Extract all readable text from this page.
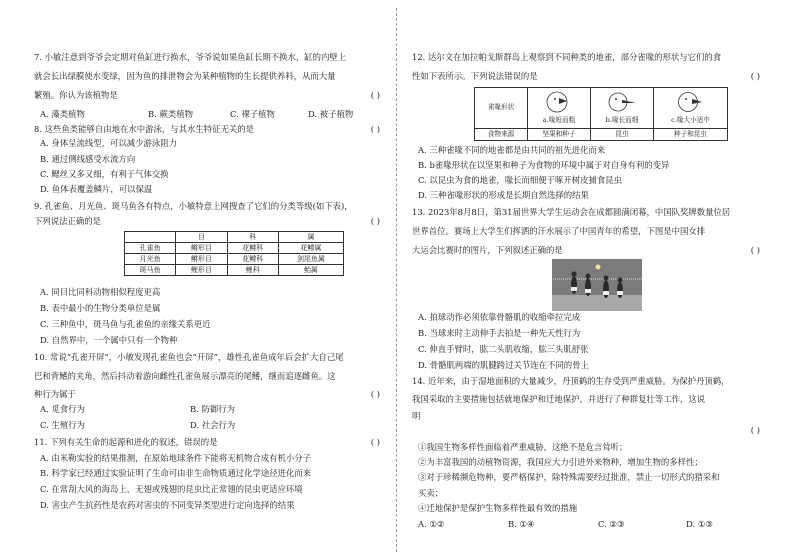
7. 小敏注意到爷爷会定期对鱼缸进行换水，爷爷说如果鱼缸长期不换水，缸的内壁上
就会长出绿膜使水变绿，因为鱼的排泄物会为某种植物的生长提供养料，从而大量
繁殖。你认为该植物是	( )
A. 藻类植物	B. 蕨类植物	C. 裸子植物	D. 被子植物
8. 这些鱼类能够自由地在水中游泳，与其水生特征无关的是	( )
A. 身体呈流线型，可以减少游泳阻力
B. 通过侧线感受水流方向
C. 鳃丝又多又细，有利于气体交换
D. 鱼体表覆盖鳞片，可以保温
9. 孔雀鱼、月光鱼、斑马鱼各有特点，小敏特意上网搜查了它们的分类等级(如下表)，
下列说法正确的是	( )
	目	科	属
孔雀鱼	鳉形目	花鳉科	花鳉属
月光鱼	鳉形目	花鳉科	剑尾鱼属
斑马鱼	鲤形目	鲤科	鲐属
A. 同目比同科动物相似程度更高
B. 表中最小的生物分类单位是属
C. 三种鱼中，斑马鱼与孔雀鱼的亲缘关系更近
D. 自然界中，一个属中只有一个物种
10. 常说“孔雀开屏”，小敏发现孔雀鱼也会“开屏”，雄性孔雀鱼成年后会扩大自己尾
巴和背鳍的夹角，然后抖动着游向雌性孔雀鱼展示漂亮的尾鳍，继而追逐雌鱼。这
种行为属于	( )
A. 觅食行为	B. 防御行为
C. 生殖行为	D. 社会行为
11. 下列有关生命的起源和进化的叙述，错误的是	( )
A. 由米勒实验的结果推测，在原始地球条件下能将无机物合成有机小分子
B. 科学家已经通过实验证明了生命可由非生命物质通过化学途径进化而来
C. 在常刮大风的海岛上，无翅或残翅的昆虫比正常翅的昆虫更适应环境
D. 害虫产生抗药性是农药对害虫的不同变异类型进行定向选择的结果
12. 达尔文在加拉帕戈斯群岛上观察到不同种类的地雀，部分雀喙的形状与它们的食
性如下表所示。下列说法错误的是	( )
雀喙形状	a.喙短而粗	b.喙长而细	c.喙大小适中

食物来源	坚果和种子	昆虫	种子和昆虫
A. 三种雀喙不同的地雀都是由共同的祖先进化而来
B. b雀喙形状在以坚果和种子为食物的环境中属于对自身有利的变异
C. 以昆虫为食的地雀，喙长而细便于啄开树皮捕食昆虫
D. 三种雀喙形状的形成是长期自然选择的结果
13. 2023年8月8日，第31届世界大学生运动会在成都圆满闭幕，中国队奖牌数量位居
世界首位。赛场上大学生们挥洒的汗水展示了中国青年的希望，下图是中国女排
大运会比赛时的图片，下列叙述正确的是	( )
A. 拍球动作必须依靠骨骼肌的收缩牵拉完成
B. 当球来时主动伸手去拍是一种先天性行为
C. 伸直手臂时，肱二头肌收缩，肱三头肌舒张
D. 骨骼肌两端的肌腱跨过关节连在不同的骨上
14. 近年来，由于湿地面积的大量减少，丹顶鹤的生存受到严重威胁。为保护丹顶鹤，
我国采取的主要措施包括就地保护和迁地保护，并进行了种群复壮等工作，这说
明
( )
①我国生物多样性面临着严重威胁，这绝不是危言耸听；
②为丰富我国的动植物资源，我国应大力引进外来物种，增加生物的多样性；
③对于珍稀濒危物种，要严格保护，除特殊需要经过批准，禁止一切形式的猎采和
买卖；
④迁地保护是保护生物多样性最有效的措施
A. ①②	B. ①④	C. ②③	D. ①③
